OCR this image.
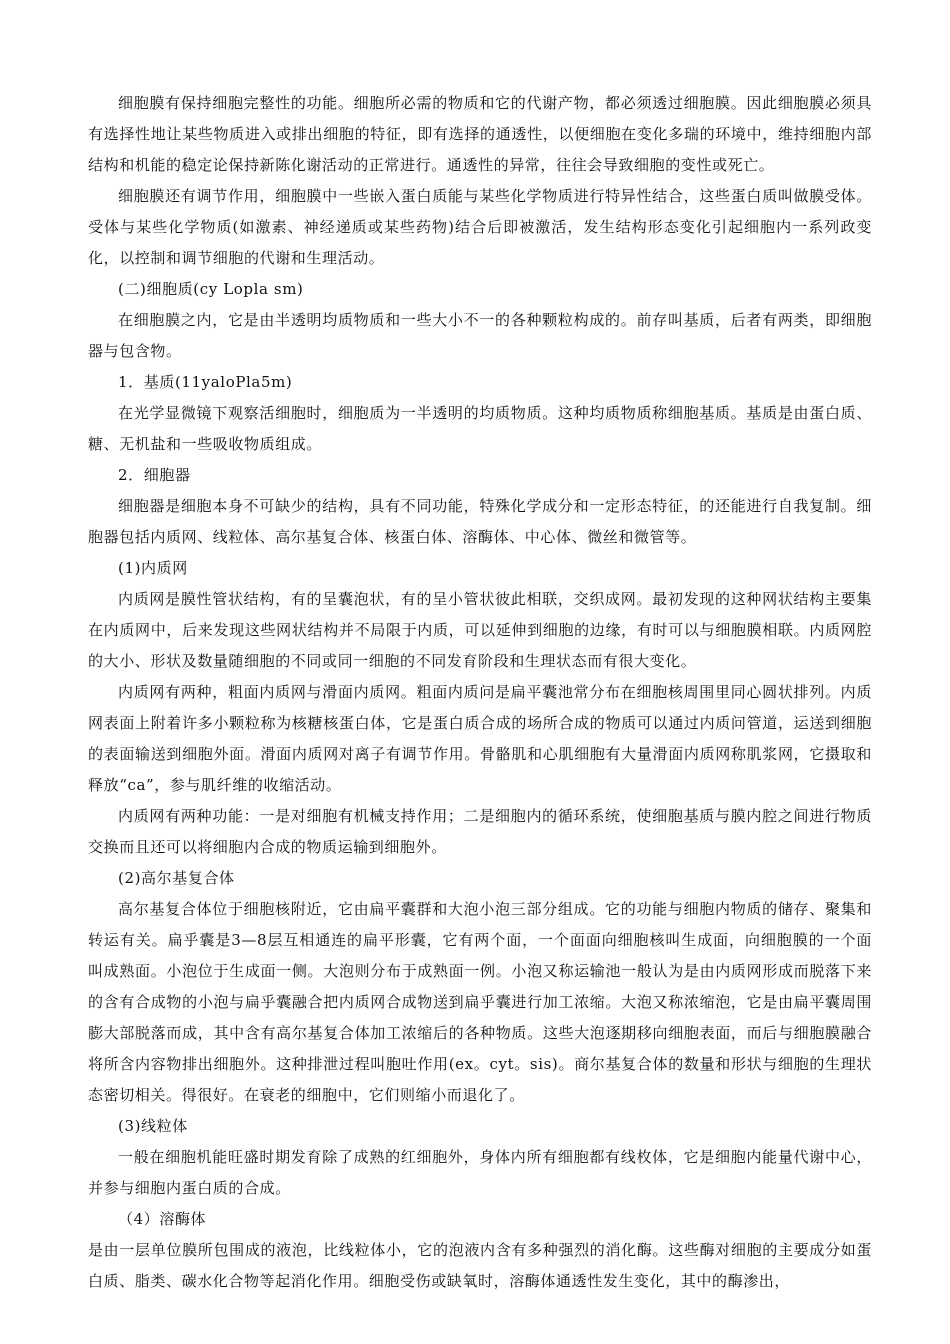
细胞膜有保持细胞完整性的功能。细胞所必需的物质和它的代谢产物，都必须透过细胞膜。因此细胞膜必须具有选择性地让某些物质进入或排出细胞的特征，即有选择的通透性，以便细胞在变化多瑞的环境中，维持细胞内部结构和机能的稳定论保持新陈化谢活动的正常进行。通透性的异常，往往会导致细胞的变性或死亡。

细胞膜还有调节作用，细胞膜中一些嵌入蛋白质能与某些化学物质进行特异性结合，这些蛋白质叫做膜受体。受体与某些化学物质(如激素、神经递质或某些药物)结合后即被激活，发生结构形态变化引起细胞内一系列政变化，以控制和调节细胞的代谢和生理活动。

(二)细胞质(cy Lopla sm)

在细胞膜之内，它是由半透明均质物质和一些大小不一的各种颗粒构成的。前存叫基质，后者有两类，即细胞器与包含物。

1．基质(11yaloPla5m)

在光学显微镜下观察活细胞时，细胞质为一半透明的均质物质。这种均质物质称细胞基质。基质是由蛋白质、糖、无机盐和一些吸收物质组成。

2．细胞器

细胞器是细胞本身不可缺少的结构，具有不同功能，特殊化学成分和一定形态特征，的还能进行自我复制。细胞器包括内质网、线粒体、高尔基复合体、核蛋白体、溶酶体、中心体、微丝和微管等。

(1)内质网

内质网是膜性管状结构，有的呈囊泡状，有的呈小管状彼此相联，交织成网。最初发现的这种网状结构主要集在内质网中，后来发现这些网状结构并不局限于内质，可以延伸到细胞的边缘，有时可以与细胞膜相联。内质网腔的大小、形状及数量随细胞的不同或同一细胞的不同发育阶段和生理状态而有很大变化。

内质网有两种，粗面内质网与滑面内质网。粗面内质问是扁平囊池常分布在细胞核周围里同心圆状排列。内质网表面上附着许多小颗粒称为核糖核蛋白体，它是蛋白质合成的场所合成的物质可以通过内质问管道，运送到细胞的表面输送到细胞外面。滑面内质网对离子有调节作用。骨骼肌和心肌细胞有大量滑面内质网称肌浆网，它摄取和释放“ca”，参与肌纤维的收缩活动。

内质网有两种功能：一是对细胞有机械支持作用；二是细胞内的循环系统，使细胞基质与膜内腔之间进行物质交换而且还可以将细胞内合成的物质运输到细胞外。

(2)高尔基复合体

高尔基复合体位于细胞核附近，它由扁平囊群和大泡小泡三部分组成。它的功能与细胞内物质的储存、聚集和转运有关。扁乎囊是3—8层互相通连的扁平形囊，它有两个面，一个面面向细胞核叫生成面，向细胞膜的一个面叫成熟面。小泡位于生成面一侧。大泡则分布于成熟面一例。小泡又称运输池一般认为是由内质网形成而脱落下来的含有合成物的小泡与扁乎囊融合把内质网合成物送到扁乎囊进行加工浓缩。大泡又称浓缩泡，它是由扁平囊周围膨大部脱落而成，其中含有高尔基复合体加工浓缩后的各种物质。这些大泡逐期移向细胞表面，而后与细胞膜融合将所含内容物排出细胞外。这种排泄过程叫胞吐作用(ex。cyt。sis)。商尔基复合体的数量和形状与细胞的生理状态密切相关。得很好。在衰老的细胞中，它们则缩小而退化了。

(3)线粒体

一般在细胞机能旺盛时期发育除了成熟的红细胞外，身体内所有细胞都有线枚体，它是细胞内能量代谢中心，并参与细胞内蛋白质的合成。

（4）溶酶体

是由一层单位膜所包围成的液泡，比线粒体小，它的泡液内含有多种强烈的消化酶。这些酶对细胞的主要成分如蛋白质、脂类、碳水化合物等起消化作用。细胞受伤或缺氧时，溶酶体通透性发生变化，其中的酶渗出，
